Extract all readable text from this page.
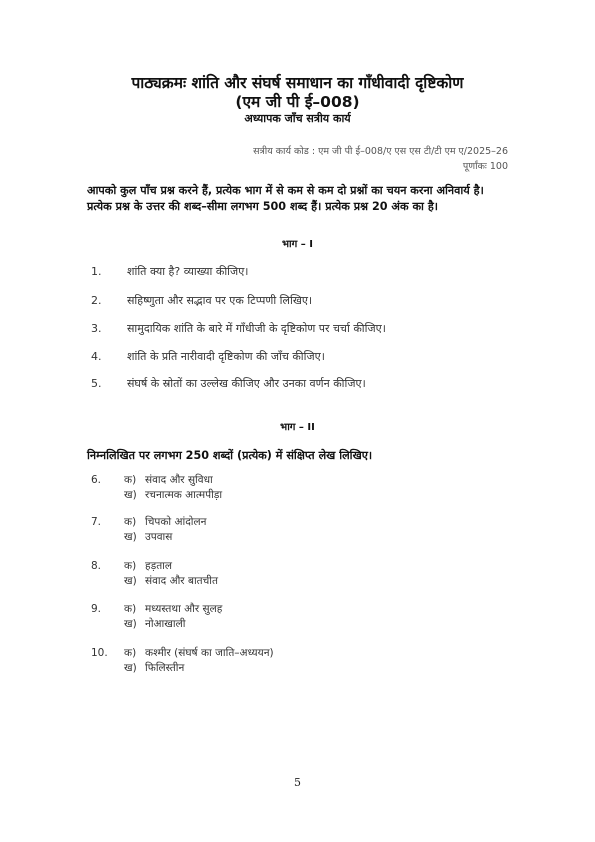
पाठ्यक्रमः शांति और संघर्ष समाधान का गाँधीवादी दृष्टिकोण
(एम जी पी ई–008)
अध्यापक जाँच सत्रीय कार्य
सत्रीय कार्य कोड : एम जी पी ई–008/ए एस एस टी/टी एम ए/2025–26
पूर्णांकः 100
आपको कुल पाँच प्रश्न करने हैं, प्रत्येक भाग में से कम से कम दो प्रश्नों का चयन करना अनिवार्य है। प्रत्येक प्रश्न के उत्तर की शब्द–सीमा लगभग 500 शब्द हैं। प्रत्येक प्रश्न 20 अंक का है।
भाग – I
1. शांति क्या है? व्याख्या कीजिए।
2. सहिष्णुता और सद्भाव पर एक टिप्पणी लिखिए।
3. सामुदायिक शांति के बारे में गाँधीजी के दृष्टिकोण पर चर्चा कीजिए।
4. शांति के प्रति नारीवादी दृष्टिकोण की जाँच कीजिए।
5. संघर्ष के स्रोतों का उल्लेख कीजिए और उनका वर्णन कीजिए।
भाग – II
निम्नलिखित पर लगभग 250 शब्दों (प्रत्येक) में संक्षिप्त लेख लिखिए।
6. क) संवाद और सुविधा
ख) रचनात्मक आत्मपीड़ा
7. क) चिपको आंदोलन
ख) उपवास
8. क) हड़ताल
ख) संवाद और बातचीत
9. क) मध्यस्तथा और सुलह
ख) नोआखाली
10. क) कश्मीर (संघर्ष का जाति–अध्ययन)
ख) फिलिस्तीन
5
